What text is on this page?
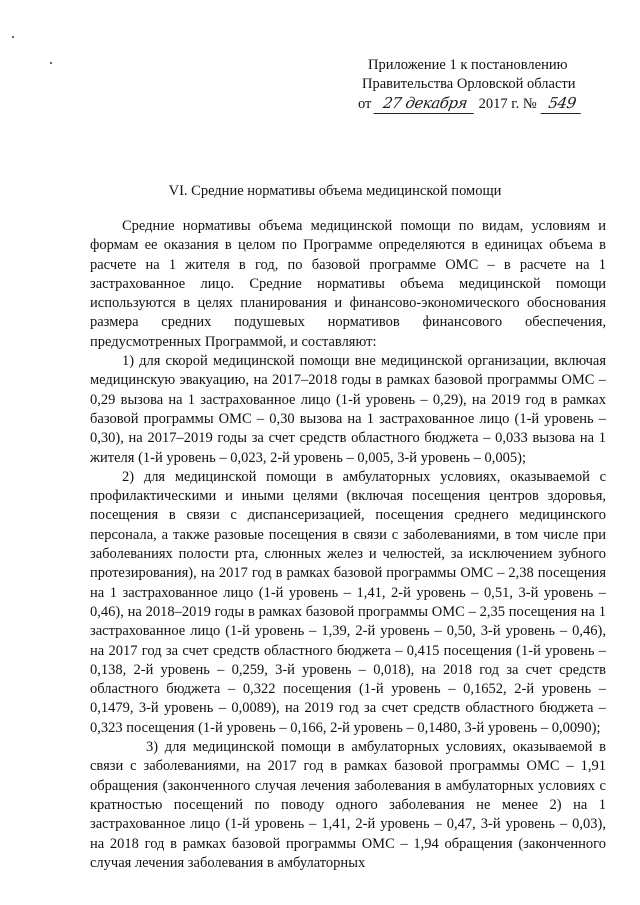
Приложение 1 к постановлению
Правительства Орловской области
от 27 декабря 2017 г. № 549
VI. Средние нормативы объема медицинской помощи

Средние нормативы объема медицинской помощи по видам, условиям и формам ее оказания в целом по Программе определяются в единицах объема в расчете на 1 жителя в год, по базовой программе ОМС – в расчете на 1 застрахованное лицо. Средние нормативы объема медицинской помощи используются в целях планирования и финансово-экономического обоснования размера средних подушевых нормативов финансового обеспечения, предусмотренных Программой, и составляют:

1) для скорой медицинской помощи вне медицинской организации, включая медицинскую эвакуацию, на 2017–2018 годы в рамках базовой программы ОМС – 0,29 вызова на 1 застрахованное лицо (1-й уровень – 0,29), на 2019 год в рамках базовой программы ОМС – 0,30 вызова на 1 застрахованное лицо (1-й уровень – 0,30), на 2017–2019 годы за счет средств областного бюджета – 0,033 вызова на 1 жителя (1-й уровень – 0,023, 2-й уровень – 0,005, 3-й уровень – 0,005);

2) для медицинской помощи в амбулаторных условиях, оказываемой с профилактическими и иными целями (включая посещения центров здоровья, посещения в связи с диспансеризацией, посещения среднего медицинского персонала, а также разовые посещения в связи с заболеваниями, в том числе при заболеваниях полости рта, слюнных желез и челюстей, за исключением зубного протезирования), на 2017 год в рамках базовой программы ОМС – 2,38 посещения на 1 застрахованное лицо (1-й уровень – 1,41, 2-й уровень – 0,51, 3-й уровень – 0,46), на 2018–2019 годы в рамках базовой программы ОМС – 2,35 посещения на 1 застрахованное лицо (1-й уровень – 1,39, 2-й уровень – 0,50, 3-й уровень – 0,46), на 2017 год за счет средств областного бюджета – 0,415 посещения (1-й уровень – 0,138, 2-й уровень – 0,259, 3-й уровень – 0,018), на 2018 год за счет средств областного бюджета – 0,322 посещения (1-й уровень – 0,1652, 2-й уровень – 0,1479, 3-й уровень – 0,0089), на 2019 год за счет средств областного бюджета – 0,323 посещения (1-й уровень – 0,166, 2-й уровень – 0,1480, 3-й уровень – 0,0090);

3) для медицинской помощи в амбулаторных условиях, оказываемой в связи с заболеваниями, на 2017 год в рамках базовой программы ОМС – 1,91 обращения (законченного случая лечения заболевания в амбулаторных условиях с кратностью посещений по поводу одного заболевания не менее 2) на 1 застрахованное лицо (1-й уровень – 1,41, 2-й уровень – 0,47, 3-й уровень – 0,03), на 2018 год в рамках базовой программы ОМС – 1,94 обращения (законченного случая лечения заболевания в амбулаторных
